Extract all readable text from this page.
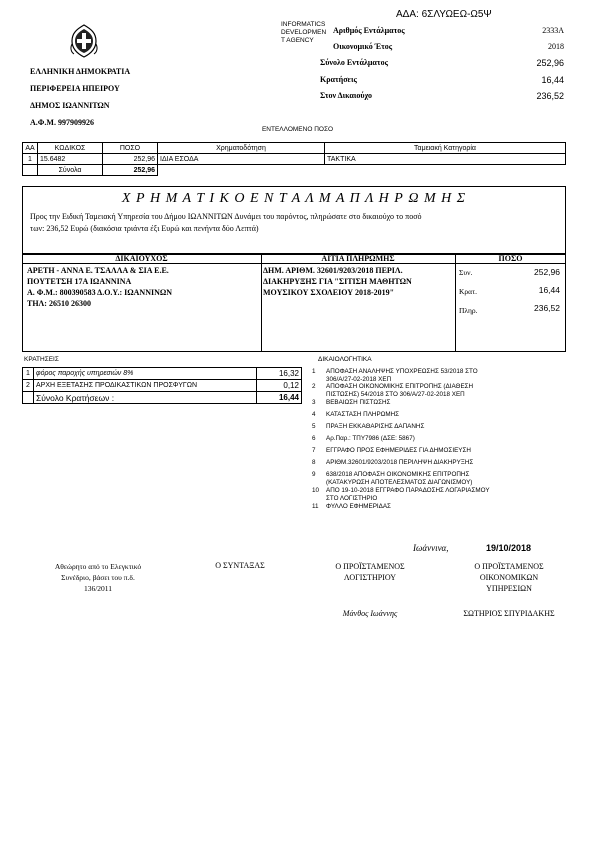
ΑΔΑ: 6ΣΛΥΩΕΩ-Ω5Ψ
INFORMATICS
DEVELOPMEN
T AGENCY
Αριθμός Εντάλματος	2333A
Οικονομικό Έτος	2018
Σύνολο Εντάλματος	252,96
Κρατήσεις	16,44
Στον Δικαιούχο	236,52
ΕΛΛΗΝΙΚΗ ΔΗΜΟΚΡΑΤΙΑ
ΠΕΡΙΦΕΡΕΙΑ ΗΠΕΙΡΟΥ
ΔΗΜΟΣ ΙΩΑΝΝΙΤΩΝ
Α.Φ.Μ. 997909926
ΕΝΤΕΛΛΟΜΕΝΟ ΠΟΣΟ
ΑΑ	ΚΩΔΙΚΟΣ	ΠΟΣΟ	Χρηματοδότηση	Ταμειακή Κατηγορία
1	15.6482	252,96	ΙΔΙΑ ΕΣΟΔΑ	ΤΑΚΤΙΚΑ
	Σύνολα	252,96		
Χ Ρ Η Μ Α Τ Ι Κ Ο Ε Ν Τ Α Λ Μ Α Π Λ Η Ρ Ω Μ Η Σ
Προς την Ειδική Ταμειακή Υπηρεσία του Δήμου ΙΩΑΝΝΙΤΩΝ Δυνάμει του παρόντος, πληρώσατε στο δικαιούχο το ποσό
των: 236,52 Ευρώ (διακόσια τριάντα έξι Ευρώ και πενήντα δύο Λεπτά)
ΔΙΚΑΙΟΥΧΟΣ	ΑΙΤΙΑ ΠΛΗΡΩΜΗΣ	ΠΟΣΟ
ΑΡΕΤΗ - ΑΝΝΑ Ε. ΤΣΑΛΛΑ & ΣΙΑ Ε.Ε.
ΠΟΥΤΕΤΣΗ 17Α ΙΩΑΝΝΙΝΑ
Α. Φ.Μ.: 800390583 Δ.Ο.Υ.: ΙΩΑΝΝΙΝΩΝ
ΤΗΛ: 26510 26300
ΔΗΜ. ΑΡΙΘΜ. 32601/9203/2018 ΠΕΡΙΛ.
ΔΙΑΚΗΡΥΞΗΣ ΓΙΑ "ΣΙΤΙΣΗ ΜΑΘΗΤΩΝ
ΜΟΥΣΙΚΟΥ ΣΧΟΛΕΙΟΥ 2018-2019"
Συν.	252,96
Κρατ.	16,44
Πληρ.	236,52
ΚΡΑΤΗΣΕΙΣ
1	φόρος παροχής υπηρεσιών 8%	16,32
2	ΑΡΧΗ ΕΞΕΤΑΣΗΣ ΠΡΟΔΙΚΑΣΤΙΚΩΝ ΠΡΟΣΦΥΓΩΝ	0,12
	Σύνολο Κρατήσεων :	16,44
ΔΙΚΑΙΟΛΟΓΗΤΙΚΑ
1	ΑΠΟΦΑΣΗ ΑΝΑΛΗΨΗΣ ΥΠΟΧΡΕΩΣΗΣ 53/2018 ΣΤΟ
306/Α/27-02-2018 ΧΕΠ
2	ΑΠΟΦΑΣΗ ΟΙΚΟΝΟΜΙΚΗΣ ΕΠΙΤΡΟΠΗΣ (ΔΙΑΘΕΣΗ
ΠΙΣΤΩΣΗΣ) 54/2018 ΣΤΟ 306/Α/27-02-2018 ΧΕΠ
3	ΒΕΒΑΙΩΣΗ ΠΙΣΤΩΣΗΣ
4	ΚΑΤΑΣΤΑΣΗ ΠΛΗΡΩΜΗΣ
5	ΠΡΑΞΗ ΕΚΚΑΘΑΡΙΣΗΣ ΔΑΠΑΝΗΣ
6	Αρ.Παρ.: ΤΠΥ7986 (ΔΣΕ: 5867)
7	ΕΓΓΡΑΦΟ ΠΡΟΣ ΕΦΗΜΕΡΙΔΕΣ ΓΙΑ ΔΗΜΟΣΙΕΥΣΗ
8	ΑΡΙΘΜ.32601/9203/2018 ΠΕΡΙΛΗΨΗ ΔΙΑΚΗΡΥΞΗΣ
9	638/2018 ΑΠΟΦΑΣΗ ΟΙΚΟΝΟΜΙΚΗΣ ΕΠΙΤΡΟΠΗΣ
(ΚΑΤΑΚΥΡΩΣΗ ΑΠΟΤΕΛΕΣΜΑΤΟΣ ΔΙΑΓΩΝΙΣΜΟΥ)
10	ΑΠΟ 19-10-2018 ΕΓΓΡΑΦΟ ΠΑΡΑΔΟΣΗΣ ΛΟΓΑΡΙΑΣΜΟΥ
ΣΤΟ ΛΟΓΙΣΤΗΡΙΟ
11	ΦΥΛΛΟ ΕΦΗΜΕΡΙΔΑΣ
Ιωάννινα,	19/10/2018
Αθεώρητο από το Ελεγκτικό
Συνέδριο, βάσει του π.δ.
136/2011
Ο ΣΥΝΤΑΞΑΣ	Ο ΠΡΟΪΣΤΑΜΕΝΟΣ
ΛΟΓΙΣΤΗΡΙΟΥ
Ο ΠΡΟΪΣΤΑΜΕΝΟΣ
ΟΙΚΟΝΟΜΙΚΩΝ
ΥΠΗΡΕΣΙΩΝ
Μάνθος Ιωάννης	ΣΩΤΗΡΙΟΣ ΣΠΥΡΙΔΑΚΗΣ
